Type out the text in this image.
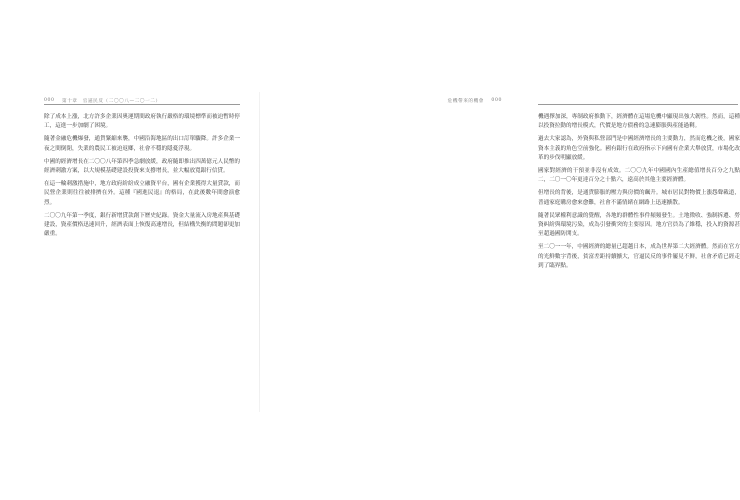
000 第十章　官逼民反（二〇〇八—二〇一二）

除了成本上漲，北方許多企業因奧運期間政府執行嚴格的環境標準而被迫暫時停工，這進一步加劇了困境。

隨著金融危機爆發，通貨緊縮來襲，中國沿海地區的出口訂單驟降。許多企業一夜之間倒閉，失業的農民工被迫返鄉，社會不穩的隱憂浮現。

中國的經濟增長在二〇〇八年第四季急劇放緩，政府隨即推出四萬億元人民幣的經濟刺激方案，以大規模基礎建設投資來支撐增長，並大幅放寬銀行信貸。

在這一輪刺激措施中，地方政府紛紛成立融資平台，國有企業獲得大量貸款，而民營企業則往往被排擠在外。這種『國進民退』的格局，在此後數年間愈演愈烈。

二〇〇九年第一季度，銀行新增貸款創下歷史紀錄。資金大量流入房地產與基礎建設，資產價格迅速回升，經濟表面上恢復高速增長，但結構失衡的問題卻更加嚴重。

危機帶來的機會 000

機遇擇加深，專制政府推動下，經濟體在這場危機中顯現出強大韌性。然而，這種以投資拉動的增長模式，代價是地方債務的急速膨脹與產能過剩。

過去大家認為，外資與私營部門是中國經濟增長的主要動力，然而危機之後，國家資本主義的角色空前強化。國有銀行在政府指示下向國有企業大舉放貸，市場化改革的步伐明顯放緩。

國家對經濟的干預並非沒有成效。二〇〇九年中國國內生產總值增長百分之九點二，二〇一〇年更達百分之十點六，遠高於其他主要經濟體。

但增長的背後，是通貨膨脹的壓力與房價的飆升。城市居民對物價上漲怨聲載道，普通家庭購房愈來愈難，社會不滿情緒在網路上迅速擴散。

隨著民眾權利意識的覺醒，各地的群體性事件頻頻發生。土地徵收、強制拆遷、勞資糾紛與環境污染，成為引發衝突的主要原因。地方官員為了維穩，投入的資源甚至超過國防開支。

至二〇一一年，中國經濟的總量已超越日本，成為世界第二大經濟體。然而在官方的光鮮數字背後，貧富差距持續擴大，官逼民反的事件屢見不鮮，社會矛盾已經走到了臨界點。
